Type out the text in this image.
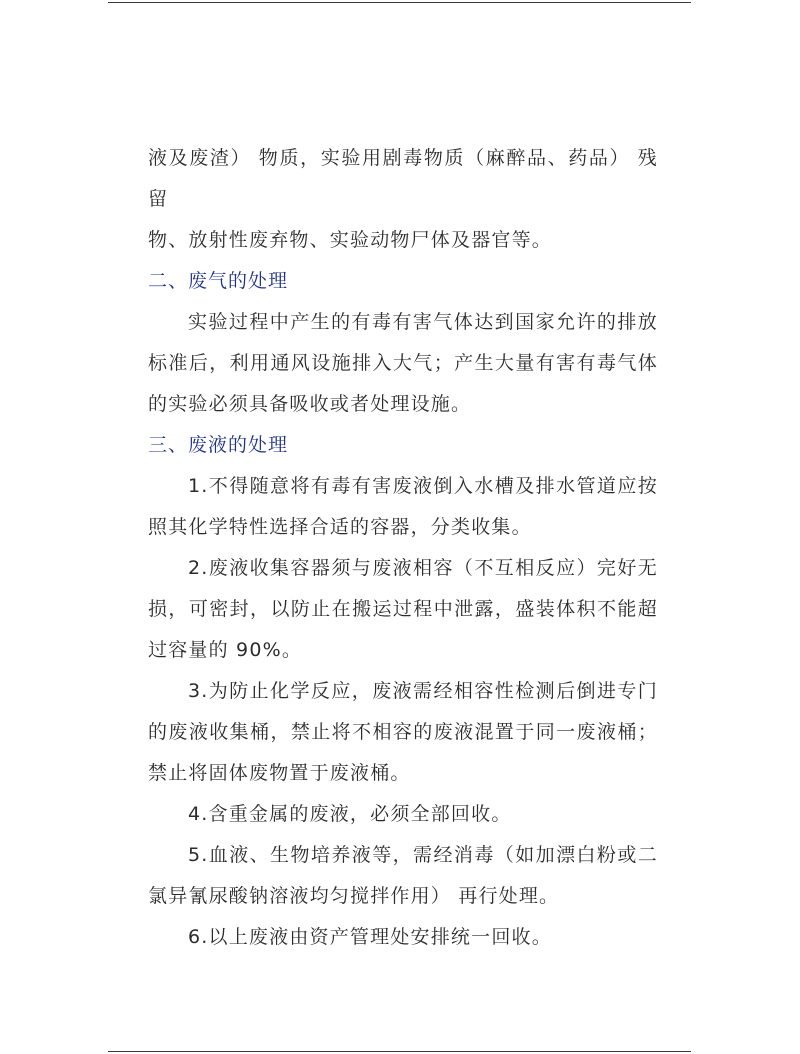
液及废渣） 物质，实验用剧毒物质（麻醉品、药品） 残留

物、放射性废弃物、实验动物尸体及器官等。

二、废气的处理

实验过程中产生的有毒有害气体达到国家允许的排放标准后，利用通风设施排入大气；产生大量有害有毒气体的实验必须具备吸收或者处理设施。

三、废液的处理

1.不得随意将有毒有害废液倒入水槽及排水管道应按照其化学特性选择合适的容器，分类收集。

2.废液收集容器须与废液相容（不互相反应）完好无损，可密封，以防止在搬运过程中泄露，盛装体积不能超过容量的 90%。

3.为防止化学反应，废液需经相容性检测后倒进专门的废液收集桶，禁止将不相容的废液混置于同一废液桶；禁止将固体废物置于废液桶。

4.含重金属的废液，必须全部回收。

5.血液、生物培养液等，需经消毒（如加漂白粉或二氯异氰尿酸钠溶液均匀搅拌作用） 再行处理。

6.以上废液由资产管理处安排统一回收。
